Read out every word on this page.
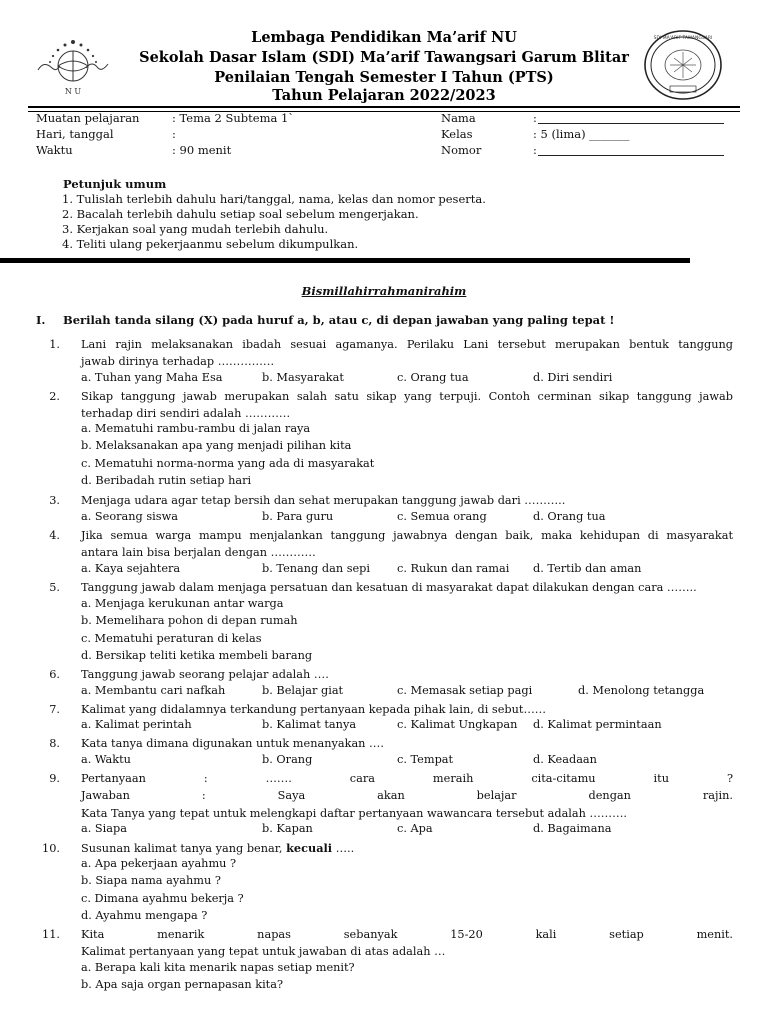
N U
SDI MA'ARIF TAWANGSARI
Lembaga Pendidikan Ma’arif NU
Sekolah Dasar Islam (SDI) Ma’arif Tawangsari Garum Blitar
Penilaian Tengah Semester I Tahun (PTS)
Tahun Pelajaran 2022/2023
Muatan pelajaran	: Tema 2 Subtema 1`
Hari, tanggal	:
Waktu	: 90 menit
Nama	:
Kelas	: 5 (lima) _______
Nomor	:
Petunjuk umum
1. Tulislah terlebih dahulu hari/tanggal, nama, kelas dan nomor peserta.
2. Bacalah terlebih dahulu setiap soal sebelum mengerjakan.
3. Kerjakan soal yang mudah terlebih dahulu.
4. Teliti ulang pekerjaanmu sebelum dikumpulkan.
Bismillahirrahmanirahim
I. Berilah tanda silang (X) pada huruf a, b, atau c, di depan jawaban yang paling tepat !
1. Lani rajin melaksanakan ibadah sesuai agamanya. Perilaku Lani tersebut merupakan bentuk tanggung
jawab dirinya terhadap ……………
a. Tuhan yang Maha Esa	b. Masyarakat	c. Orang tua	d. Diri sendiri
2. Sikap tanggung jawab merupakan salah satu sikap yang terpuji. Contoh cerminan sikap tanggung jawab
terhadap diri sendiri adalah …………
a. Mematuhi rambu-rambu di jalan raya
b. Melaksanakan apa yang menjadi pilihan kita
c. Mematuhi norma-norma yang ada di masyarakat
d. Beribadah rutin setiap hari
3. Menjaga udara agar tetap bersih dan sehat merupakan tanggung jawab dari ………..
a. Seorang siswa	b. Para guru	c. Semua orang	d. Orang tua
4. Jika semua warga mampu menjalankan tanggung jawabnya dengan baik, maka kehidupan di masyarakat
antara lain bisa berjalan dengan …………
a. Kaya sejahtera	b. Tenang dan sepi c. Rukun dan ramai d. Tertib dan aman
5. Tanggung jawab dalam menjaga persatuan dan kesatuan di masyarakat dapat dilakukan dengan cara ……..
a. Menjaga kerukunan antar warga
b. Memelihara pohon di depan rumah
c. Mematuhi peraturan di kelas
d. Bersikap teliti ketika membeli barang
6. Tanggung jawab seorang pelajar adalah ….
a. Membantu cari nafkah	b. Belajar giat	c. Memasak setiap pagi	d. Menolong tetangga
7. Kalimat yang didalamnya terkandung pertanyaan kepada pihak lain, di sebut……
a. Kalimat perintah	b. Kalimat tanya	c. Kalimat Ungkapan d. Kalimat permintaan
8. Kata tanya dimana digunakan untuk menanyakan ….
a. Waktu	b. Orang	c. Tempat	d. Keadaan
9. Pertanyaan : ……. cara meraih cita-citamu itu ?
Jawaban : Saya akan belajar dengan rajin.
Kata Tanya yang tepat untuk melengkapi daftar pertanyaan wawancara tersebut adalah ……….
a. Siapa	b. Kapan	c. Apa	d. Bagaimana
10. Susunan kalimat tanya yang benar, kecuali …..
a. Apa pekerjaan ayahmu ?
b. Siapa nama ayahmu ?
c. Dimana ayahmu bekerja ?
d. Ayahmu mengapa ?
11. Kita menarik napas sebanyak 15-20 kali setiap menit.
Kalimat pertanyaan yang tepat untuk jawaban di atas adalah …
a. Berapa kali kita menarik napas setiap menit?
b. Apa saja organ pernapasan kita?
